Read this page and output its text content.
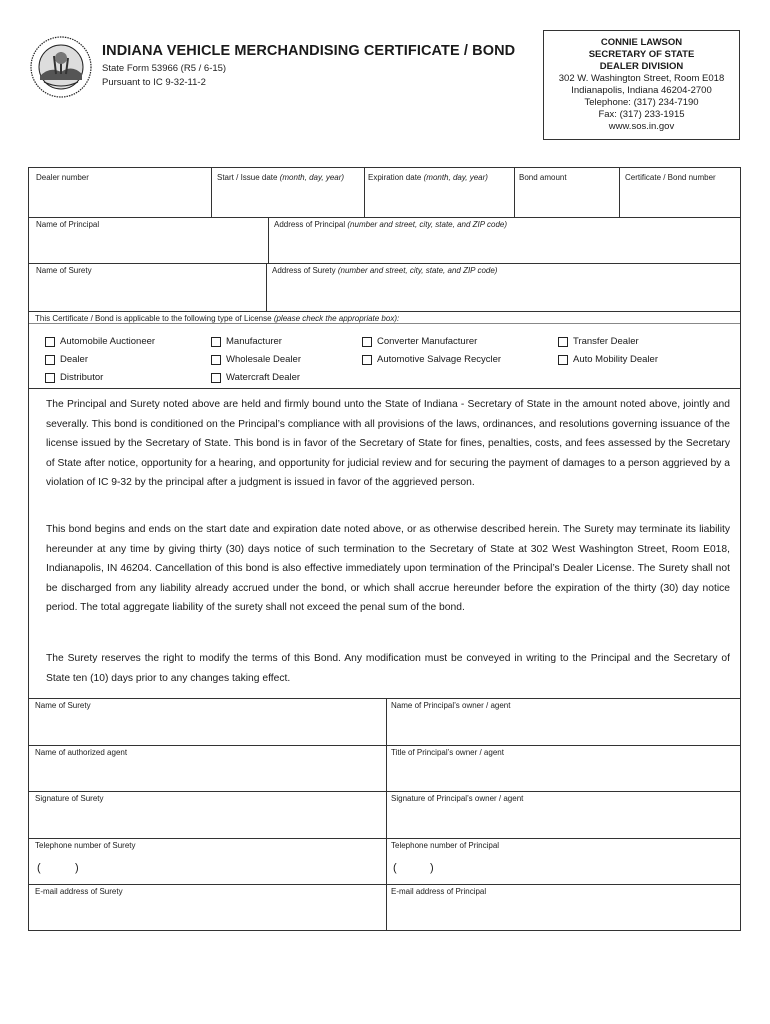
INDIANA VEHICLE MERCHANDISING CERTIFICATE / BOND
State Form 53966 (R5 / 6-15)
Pursuant to IC 9-32-11-2
CONNIE LAWSON
SECRETARY OF STATE
DEALER DIVISION
302 W. Washington Street, Room E018
Indianapolis, Indiana 46204-2700
Telephone: (317) 234-7190
Fax: (317) 233-1915
www.sos.in.gov
Dealer number	Start / Issue date (month, day, year)	Expiration date (month, day, year)	Bond amount	Certificate / Bond number
Name of Principal	Address of Principal (number and street, city, state, and ZIP code)
Name of Surety	Address of Surety (number and street, city, state, and ZIP code)
This Certificate / Bond is applicable to the following type of License (please check the appropriate box):
Automobile Auctioneer	Manufacturer	Converter Manufacturer	Transfer Dealer
Dealer	Wholesale Dealer	Automotive Salvage Recycler	Auto Mobility Dealer
Distributor	Watercraft Dealer
The Principal and Surety noted above are held and firmly bound unto the State of Indiana - Secretary of State in the amount noted above, jointly and severally. This bond is conditioned on the Principal’s compliance with all provisions of the laws, ordinances, and resolutions governing issuance of the license issued by the Secretary of State. This bond is in favor of the Secretary of State for fines, penalties, costs, and fees assessed by the Secretary of State after notice, opportunity for a hearing, and opportunity for judicial review and for securing the payment of damages to a person aggrieved by a violation of IC 9-32 by the principal after a judgment is issued in favor of the aggrieved person.
This bond begins and ends on the start date and expiration date noted above, or as otherwise described herein. The Surety may terminate its liability hereunder at any time by giving thirty (30) days notice of such termination to the Secretary of State at 302 West Washington Street, Room E018, Indianapolis, IN 46204. Cancellation of this bond is also effective immediately upon termination of the Principal’s Dealer License. The Surety shall not be discharged from any liability already accrued under the bond, or which shall accrue hereunder before the expiration of the thirty (30) day notice period. The total aggregate liability of the surety shall not exceed the penal sum of the bond.
The Surety reserves the right to modify the terms of this Bond. Any modification must be conveyed in writing to the Principal and the Secretary of State ten (10) days prior to any changes taking effect.
Name of Surety	Name of Principal’s owner / agent
Name of authorized agent	Title of Principal’s owner / agent
Signature of Surety	Signature of Principal’s owner / agent
Telephone number of Surety	Telephone number of Principal
(	)	(	)
E-mail address of Surety	E-mail address of Principal
